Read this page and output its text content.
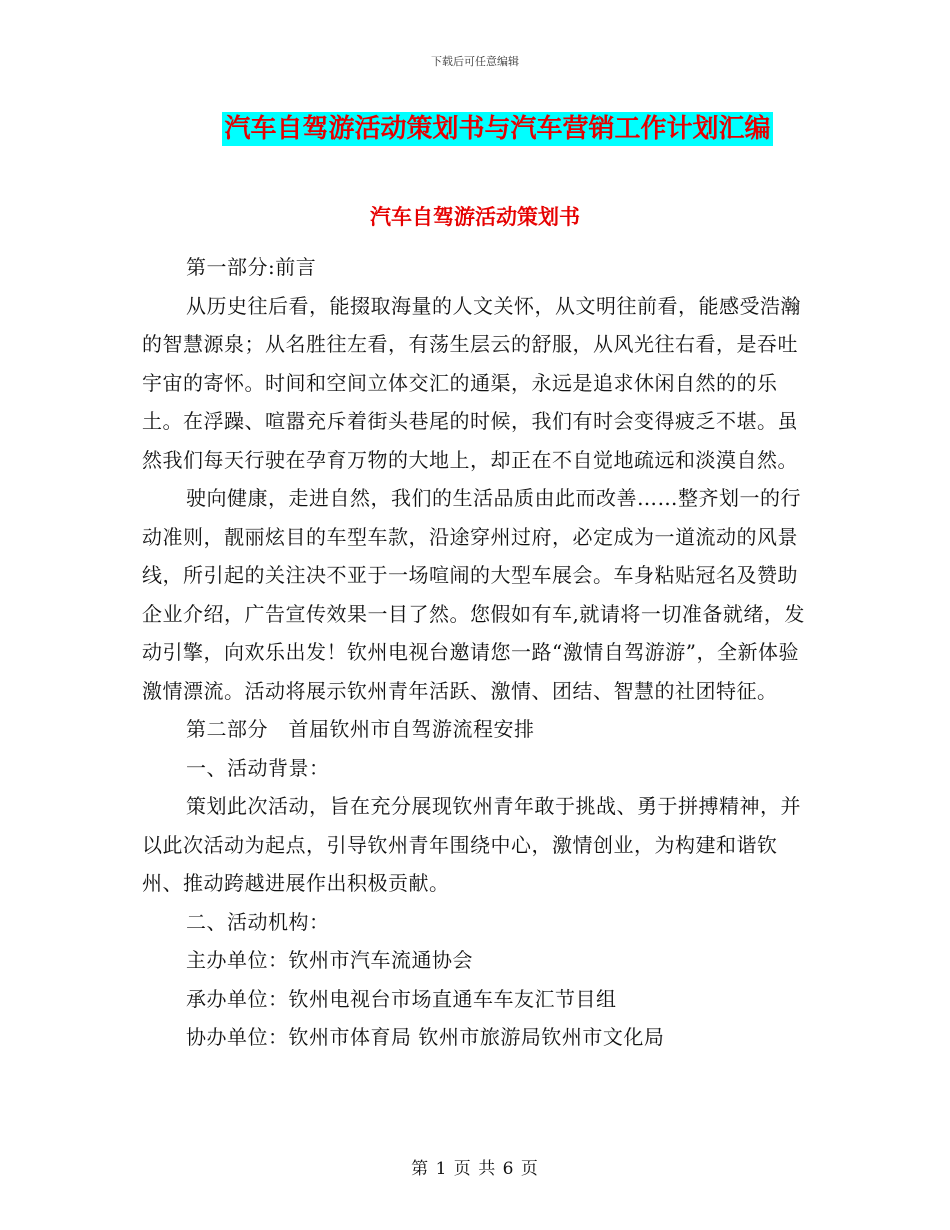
下载后可任意编辑
汽车自驾游活动策划书与汽车营销工作计划汇编
汽车自驾游活动策划书

第一部分:前言

从历史往后看，能掇取海量的人文关怀，从文明往前看，能感受浩瀚的智慧源泉；从名胜往左看，有荡生层云的舒服，从风光往右看，是吞吐宇宙的寄怀。时间和空间立体交汇的通渠，永远是追求休闲自然的的乐土。在浮躁、喧嚣充斥着街头巷尾的时候，我们有时会变得疲乏不堪。虽然我们每天行驶在孕育万物的大地上，却正在不自觉地疏远和淡漠自然。

驶向健康，走进自然，我们的生活品质由此而改善……整齐划一的行动准则，靓丽炫目的车型车款，沿途穿州过府，必定成为一道流动的风景线，所引起的关注决不亚于一场喧闹的大型车展会。车身粘贴冠名及赞助企业介绍，广告宣传效果一目了然。您假如有车,就请将一切准备就绪，发动引擎，向欢乐出发！钦州电视台邀请您一路“激情自驾游游”，全新体验激情漂流。活动将展示钦州青年活跃、激情、团结、智慧的社团特征。

第二部分　首届钦州市自驾游流程安排

一、活动背景：

策划此次活动，旨在充分展现钦州青年敢于挑战、勇于拼搏精神，并以此次活动为起点，引导钦州青年围绕中心，激情创业，为构建和谐钦州、推动跨越进展作出积极贡献。

二、活动机构：

主办单位：钦州市汽车流通协会

承办单位：钦州电视台市场直通车车友汇节目组

协办单位：钦州市体育局 钦州市旅游局钦州市文化局

第 1 页 共 6 页
